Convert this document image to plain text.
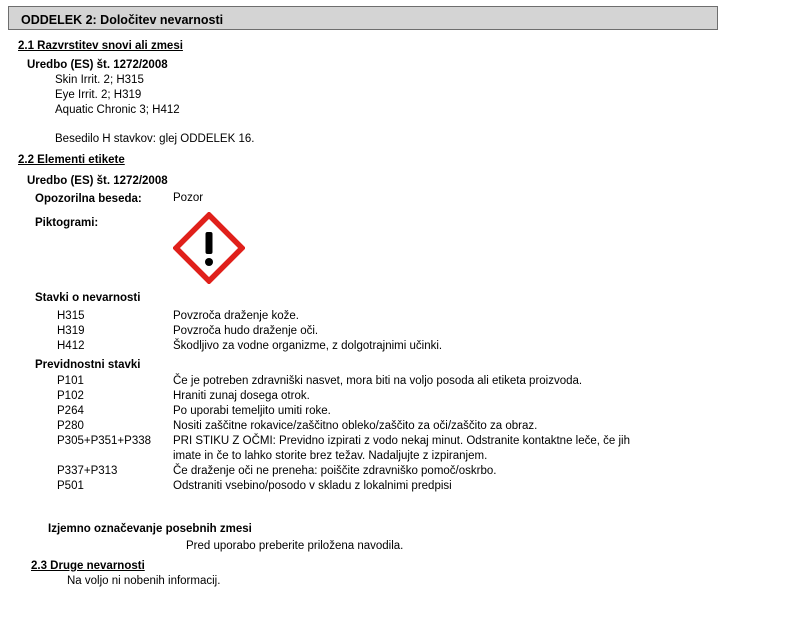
ODDELEK 2: Določitev nevarnosti
2.1 Razvrstitev snovi ali zmesi
Uredbo (ES) št. 1272/2008
Skin Irrit. 2; H315
Eye Irrit. 2; H319
Aquatic Chronic 3; H412
Besedilo H stavkov: glej ODDELEK 16.
2.2 Elementi etikete
Uredbo (ES) št. 1272/2008
Opozorilna beseda:	Pozor
Piktogrami:
Stavki o nevarnosti
H315	Povzroča draženje kože.
H319	Povzroča hudo draženje oči.
H412	Škodljivo za vodne organizme, z dolgotrajnimi učinki.
Previdnostni stavki
P101	Če je potreben zdravniški nasvet, mora biti na voljo posoda ali etiketa proizvoda.
P102	Hraniti zunaj dosega otrok.
P264	Po uporabi temeljito umiti roke.
P280	Nositi zaščitne rokavice/zaščitno obleko/zaščito za oči/zaščito za obraz.
P305+P351+P338 PRI STIKU Z OČMI: Previdno izpirati z vodo nekaj minut. Odstranite kontaktne leče, če jih
imate in če to lahko storite brez težav. Nadaljujte z izpiranjem.
P337+P313	Če draženje oči ne preneha: poiščite zdravniško pomoč/oskrbo.
P501	Odstraniti vsebino/posodo v skladu z lokalnimi predpisi
Izjemno označevanje posebnih zmesi
Pred uporabo preberite priložena navodila.
2.3 Druge nevarnosti
Na voljo ni nobenih informacij.
